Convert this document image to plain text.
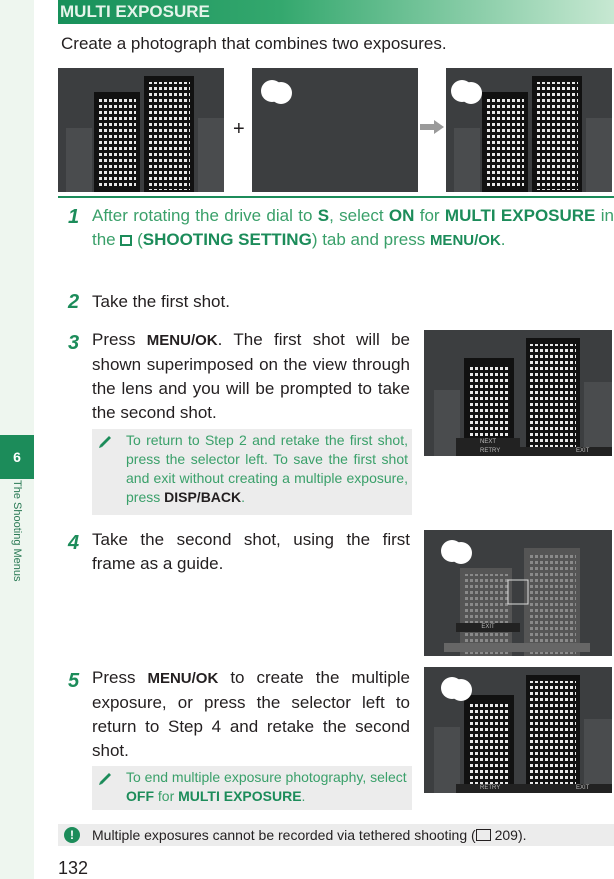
6
The Shooting Menus
MULTI EXPOSURE
Create a photograph that combines two exposures.
+
1 After rotating the drive dial to S, select ON for MULTI EXPOSURE in the  (SHOOTING SETTING) tab and press MENU/OK.
2 Take the first shot.
3 Press MENU/OK. The first shot will be shown superimposed on the view through the lens and you will be prompted to take the second shot.
NEXT
RETRY	EXIT
To return to Step 2 and retake the first shot, press the selector left. To save the first shot and exit without creating a multiple exposure, press DISP/BACK.
4 Take the second shot, using the first frame as a guide.
EXIT
5 Press MENU/OK to create the multiple exposure, or press the selector left to return to Step 4 and retake the second shot.
RETRY	EXIT
To end multiple exposure photography, select OFF for MULTI EXPOSURE.
!	Multiple exposures cannot be recorded via tethered shooting ( 209).
132
